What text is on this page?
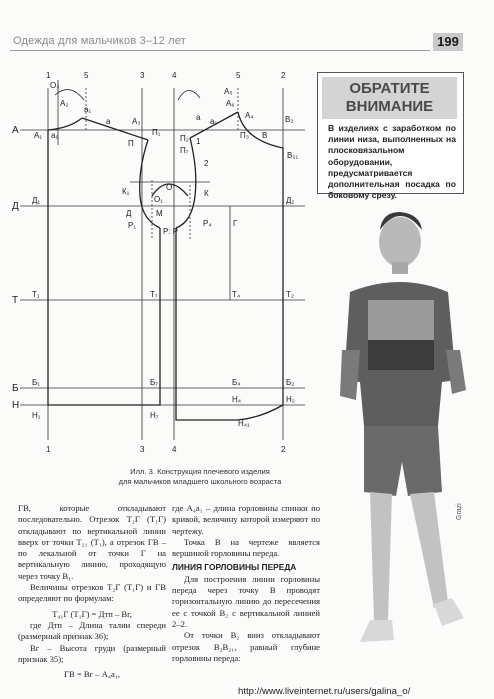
Одежда для мальчиков 3–12 лет	199
1	5	3	4	5	2
1	3	4	2
А
Д
Т
Б
Н
О₃
А₂
А₁ а₉
а₁
а	А₃
П₁
П
К₁	О
О₁
М
Д
Р₁
Р: Р
Д₁
Т₁	Т₇
Б₁	Б₇
Н₁	Н₇
А₅
А₆
А₄
а а₁
П₂
П₇
П₃
1
2
В₂
В
В₂₁
К
Р₄	Г
Д₂
Т₄	Т₂
Б₄	Б₂
Н₄
Н₄₁
Н₂
ОБРАТИТЕ
ВНИМАНИЕ
В изделиях с заработком по линии низа, выполненных на плосковязальном оборудовании, предусматривается дополнительная посадка по боковому срезу.
Grazi
Илл. 3. Конструкция плечевого изделия
для мальчиков младшего школьного возраста

ГВ, которые откладывают последовательно. Отрезок Т₂Г (Т₁Г) откладывают по вертикальной линии вверх от точки Т₂₁ (Т₁), а отрезок ГВ – по лекальной от точки Г на вертикальную линию, проходящую через точку В₁.

Величины отрезков Т₂Г (Т₁Г) и ГВ определяют по формулам:

Т₄₁Г (Т₁Г) = Дтп – Вг,

где Дтп – Длина талии спереди (размерный признак 36);

Вг – Высота груди (размерный признак 35);

ГВ = Вг – А₄а₁,

где А₄а₁ – длина горловины спинки по кривой, величину которой измеряют по чертежу.

Точка В на чертеже является вершиной горловины переда.

ЛИНИЯ ГОРЛОВИНЫ ПЕРЕДА

Для построения линии горловины переда через точку В проводят горизонтальную линию до пересечения ее с точкой В₂ с вертикальной линией 2–2.

От точки В₂ вниз откладывают отрезок В₂В₂₁, равный глубине горловины переда:

http://www.liveinternet.ru/users/galina_o/
